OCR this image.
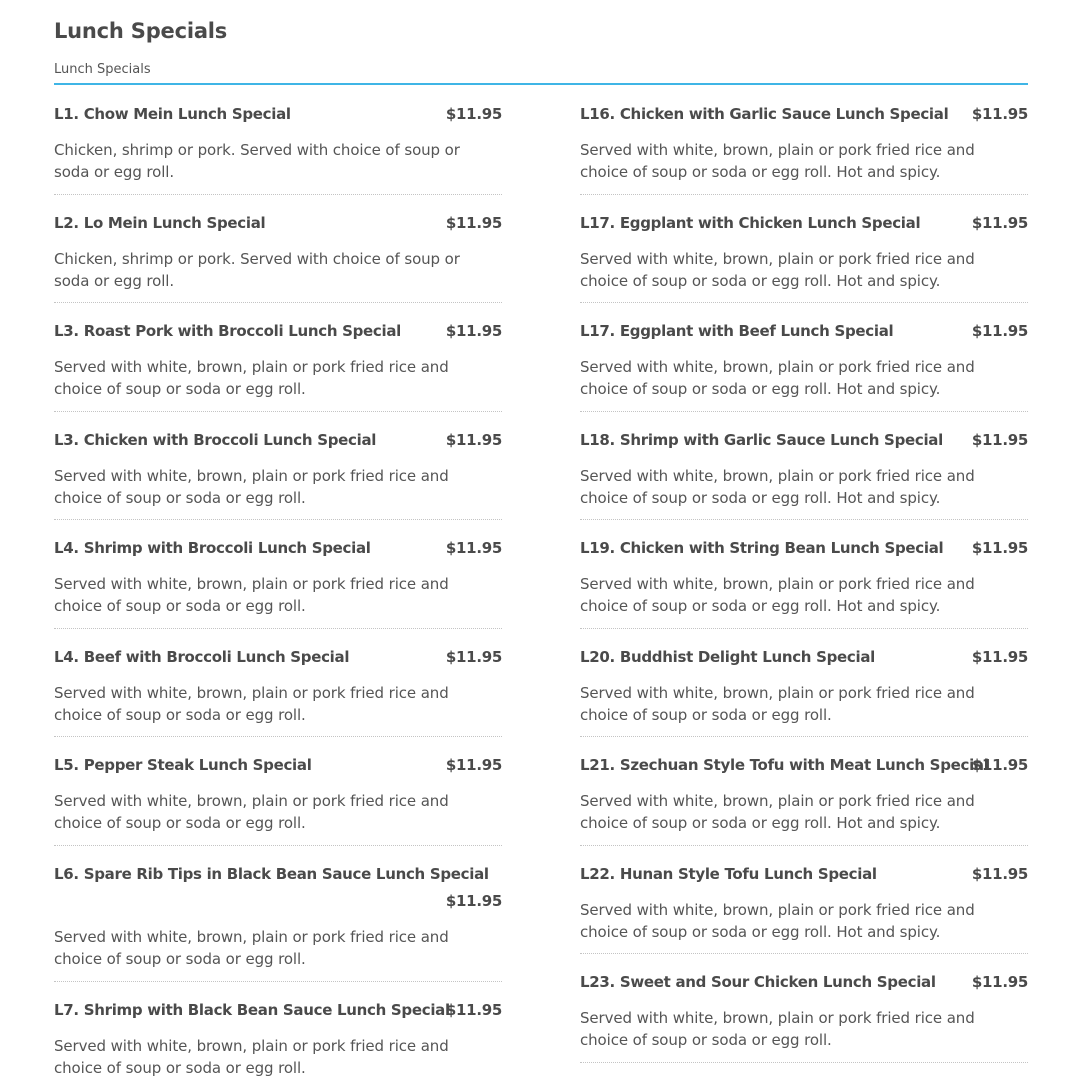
Lunch Specials
Lunch Specials
L1. Chow Mein Lunch Special	$11.95
Chicken, shrimp or pork. Served with choice of soup or soda or egg roll.
L2. Lo Mein Lunch Special	$11.95
Chicken, shrimp or pork. Served with choice of soup or soda or egg roll.
L3. Roast Pork with Broccoli Lunch Special	$11.95
Served with white, brown, plain or pork fried rice and choice of soup or soda or egg roll.
L3. Chicken with Broccoli Lunch Special	$11.95
Served with white, brown, plain or pork fried rice and choice of soup or soda or egg roll.
L4. Shrimp with Broccoli Lunch Special	$11.95
Served with white, brown, plain or pork fried rice and choice of soup or soda or egg roll.
L4. Beef with Broccoli Lunch Special	$11.95
Served with white, brown, plain or pork fried rice and choice of soup or soda or egg roll.
L5. Pepper Steak Lunch Special	$11.95
Served with white, brown, plain or pork fried rice and choice of soup or soda or egg roll.
L6. Spare Rib Tips in Black Bean Sauce Lunch Special
$11.95
Served with white, brown, plain or pork fried rice and choice of soup or soda or egg roll.
L7. Shrimp with Black Bean Sauce Lunch Special
$11.95
Served with white, brown, plain or pork fried rice and choice of soup or soda or egg roll.
L16. Chicken with Garlic Sauce Lunch Special $11.95
Served with white, brown, plain or pork fried rice and choice of soup or soda or egg roll. Hot and spicy.
L17. Eggplant with Chicken Lunch Special	$11.95
Served with white, brown, plain or pork fried rice and choice of soup or soda or egg roll. Hot and spicy.
L17. Eggplant with Beef Lunch Special	$11.95
Served with white, brown, plain or pork fried rice and choice of soup or soda or egg roll. Hot and spicy.
L18. Shrimp with Garlic Sauce Lunch Special $11.95
Served with white, brown, plain or pork fried rice and choice of soup or soda or egg roll. Hot and spicy.
L19. Chicken with String Bean Lunch Special $11.95
Served with white, brown, plain or pork fried rice and choice of soup or soda or egg roll. Hot and spicy.
L20. Buddhist Delight Lunch Special	$11.95
Served with white, brown, plain or pork fried rice and choice of soup or soda or egg roll.
L21. Szechuan Style Tofu with Meat Lunch Special
$11.95
Served with white, brown, plain or pork fried rice and choice of soup or soda or egg roll. Hot and spicy.
L22. Hunan Style Tofu Lunch Special	$11.95
Served with white, brown, plain or pork fried rice and choice of soup or soda or egg roll. Hot and spicy.
L23. Sweet and Sour Chicken Lunch Special $11.95
Served with white, brown, plain or pork fried rice and choice of soup or soda or egg roll.
